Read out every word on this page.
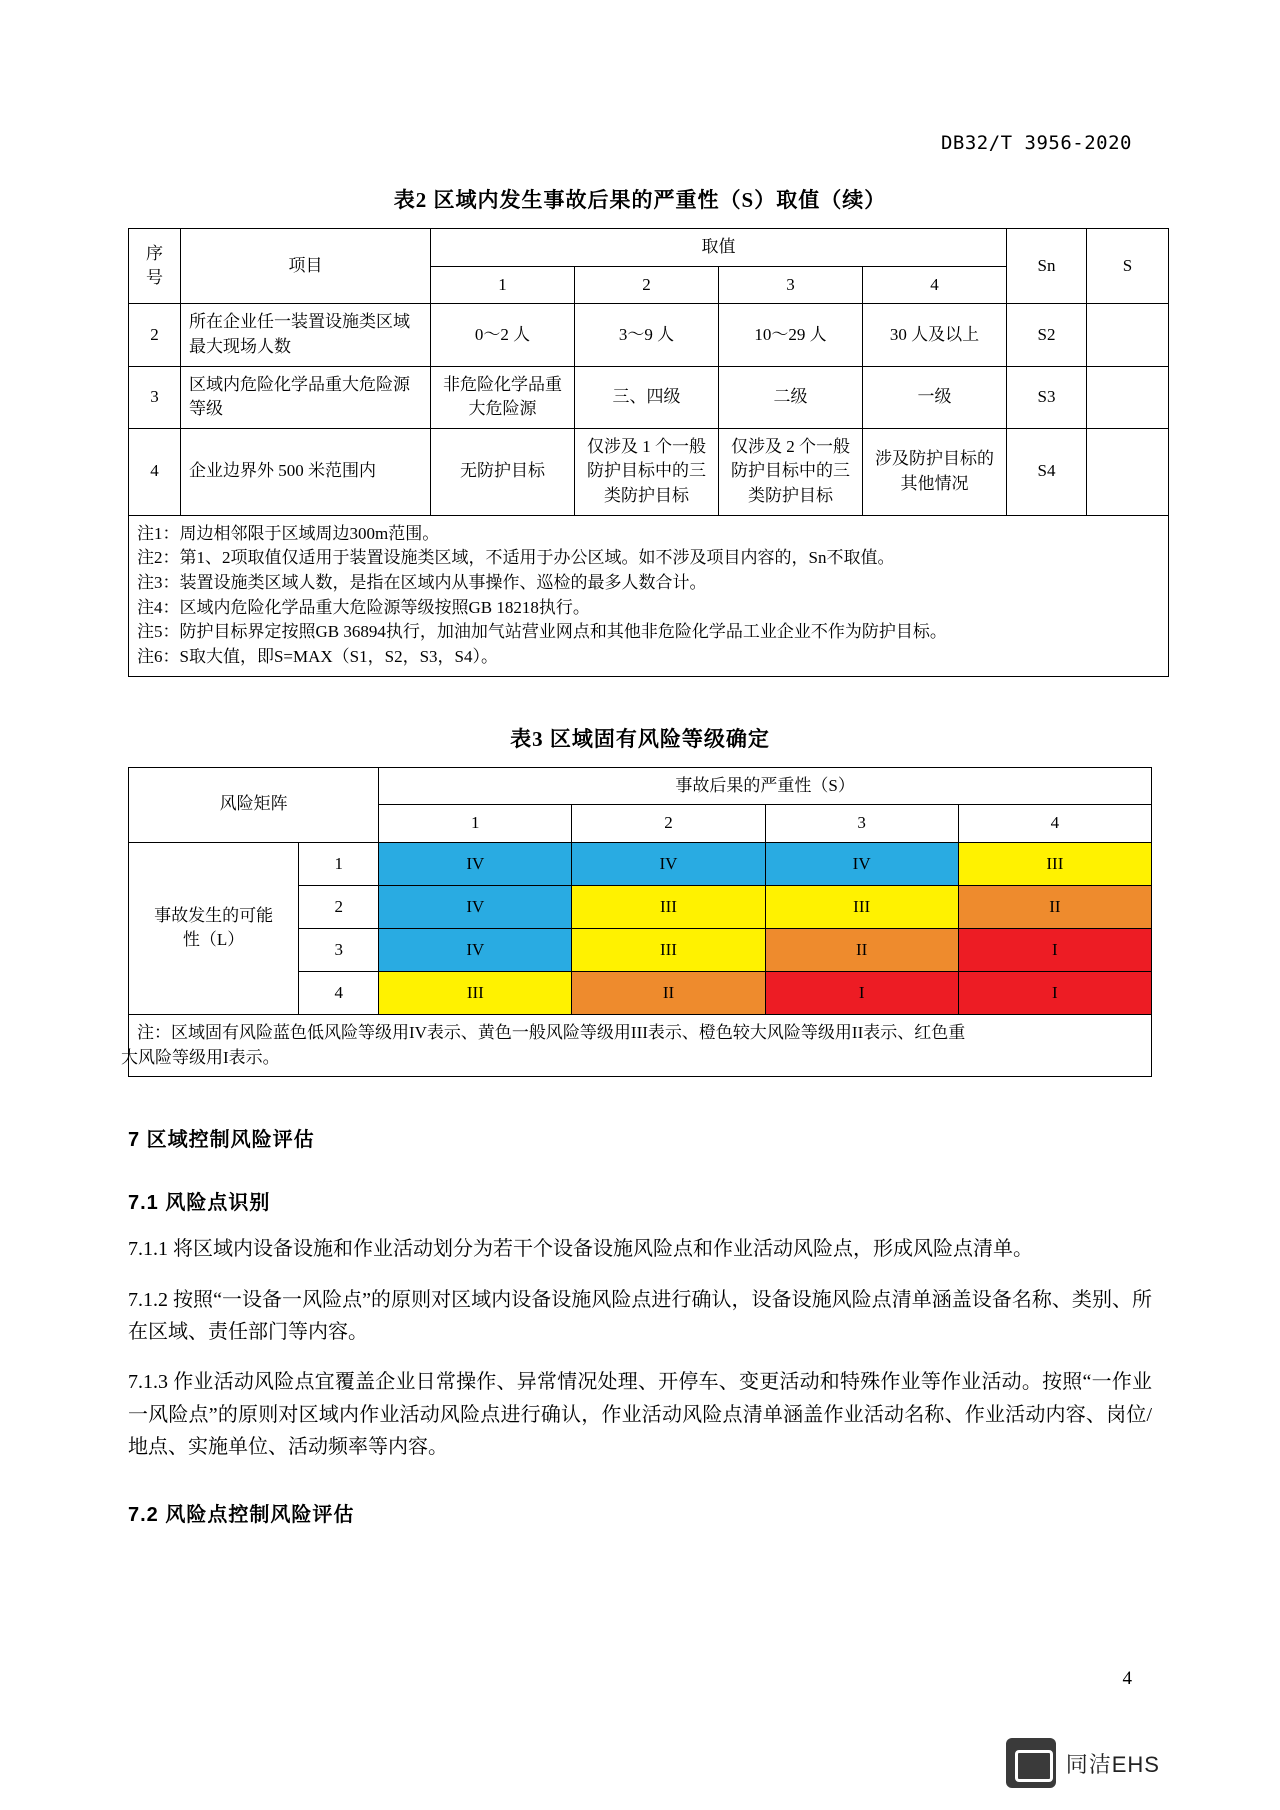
DB32/T 3956-2020
表2 区域内发生事故后果的严重性（S）取值（续）
序
号	项目	取值				Sn	S
		1	2	3	4		
2	所在企业任一装置设施类区域最大现场人数	0～2 人	3～9 人	10～29 人	30 人及以上	S2	
3	区域内危险化学品重大危险源等级	非危险化学品重大危险源	三、四级	二级	一级	S3	
4	企业边界外 500 米范围内	无防护目标	仅涉及 1 个一般防护目标中的三类防护目标	仅涉及 2 个一般防护目标中的三类防护目标	涉及防护目标的其他情况	S4	

注1：周边相邻限于区域周边300m范围。
注2：第1、2项取值仅适用于装置设施类区域，不适用于办公区域。如不涉及项目内容的，Sn不取值。
注3：装置设施类区域人数，是指在区域内从事操作、巡检的最多人数合计。
注4：区域内危险化学品重大危险源等级按照GB 18218执行。
注5：防护目标界定按照GB 36894执行，加油加气站营业网点和其他非危险化学品工业企业不作为防护目标。
注6：S取大值，即S=MAX（S1，S2，S3，S4）。
表3 区域固有风险等级确定
风险矩阵		事故后果的严重性（S）			
		1	2	3	4

事故发生的可能
性（L）	1	IV	IV	IV	III
	2	IV	III	III	II
	3	IV	III	II	I
	4	III	II	I	I

注：区域固有风险蓝色低风险等级用IV表示、黄色一般风险等级用III表示、橙色较大风险等级用II表示、红色重
大风险等级用I表示。					
7 区域控制风险评估
7.1 风险点识别

7.1.1 将区域内设备设施和作业活动划分为若干个设备设施风险点和作业活动风险点，形成风险点清单。

7.1.2 按照“一设备一风险点”的原则对区域内设备设施风险点进行确认，设备设施风险点清单涵盖设备名称、类别、所在区域、责任部门等内容。

7.1.3 作业活动风险点宜覆盖企业日常操作、异常情况处理、开停车、变更活动和特殊作业等作业活动。按照“一作业一风险点”的原则对区域内作业活动风险点进行确认，作业活动风险点清单涵盖作业活动名称、作业活动内容、岗位/地点、实施单位、活动频率等内容。

7.2 风险点控制风险评估
4
同洁EHS
